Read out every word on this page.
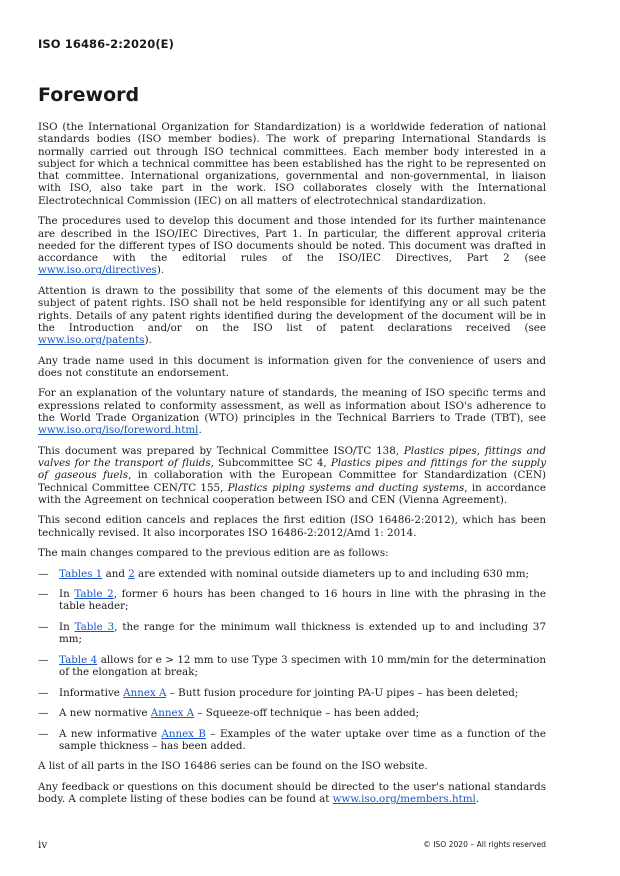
ISO 16486-2:2020(E)
Foreword

ISO (the International Organization for Standardization) is a worldwide federation of national standards bodies (ISO member bodies). The work of preparing International Standards is normally carried out through ISO technical committees. Each member body interested in a subject for which a technical committee has been established has the right to be represented on that committee. International organizations, governmental and non-governmental, in liaison with ISO, also take part in the work. ISO collaborates closely with the International Electrotechnical Commission (IEC) on all matters of electrotechnical standardization.

The procedures used to develop this document and those intended for its further maintenance are described in the ISO/IEC Directives, Part 1. In particular, the different approval criteria needed for the different types of ISO documents should be noted. This document was drafted in accordance with the editorial rules of the ISO/IEC Directives, Part 2 (see www.iso.org/directives).

Attention is drawn to the possibility that some of the elements of this document may be the subject of patent rights. ISO shall not be held responsible for identifying any or all such patent rights. Details of any patent rights identified during the development of the document will be in the Introduction and/or on the ISO list of patent declarations received (see www.iso.org/patents).

Any trade name used in this document is information given for the convenience of users and does not constitute an endorsement.

For an explanation of the voluntary nature of standards, the meaning of ISO specific terms and expressions related to conformity assessment, as well as information about ISO's adherence to the World Trade Organization (WTO) principles in the Technical Barriers to Trade (TBT), see www.iso.org/iso/foreword.html.

This document was prepared by Technical Committee ISO/TC 138, Plastics pipes, fittings and valves for the transport of fluids, Subcommittee SC 4, Plastics pipes and fittings for the supply of gaseous fuels, in collaboration with the European Committee for Standardization (CEN) Technical Committee CEN/TC 155, Plastics piping systems and ducting systems, in accordance with the Agreement on technical cooperation between ISO and CEN (Vienna Agreement).

This second edition cancels and replaces the first edition (ISO 16486-2:2012), which has been technically revised. It also incorporates ISO 16486-2:2012/Amd 1: 2014.

The main changes compared to the previous edition are as follows:

—	Tables 1 and 2 are extended with nominal outside diameters up to and including 630 mm;
—	In Table 2, former 6 hours has been changed to 16 hours in line with the phrasing in the table header;
—	In Table 3, the range for the minimum wall thickness is extended up to and including 37 mm;
—	Table 4 allows for e > 12 mm to use Type 3 specimen with 10 mm/min for the determination of the elongation at break;
—	Informative Annex A – Butt fusion procedure for jointing PA-U pipes – has been deleted;
—	A new normative Annex A – Squeeze-off technique – has been added;
—	A new informative Annex B – Examples of the water uptake over time as a function of the sample thickness – has been added.

A list of all parts in the ISO 16486 series can be found on the ISO website.

Any feedback or questions on this document should be directed to the user's national standards body. A complete listing of these bodies can be found at www.iso.org/members.html.

iv	© ISO 2020 – All rights reserved
